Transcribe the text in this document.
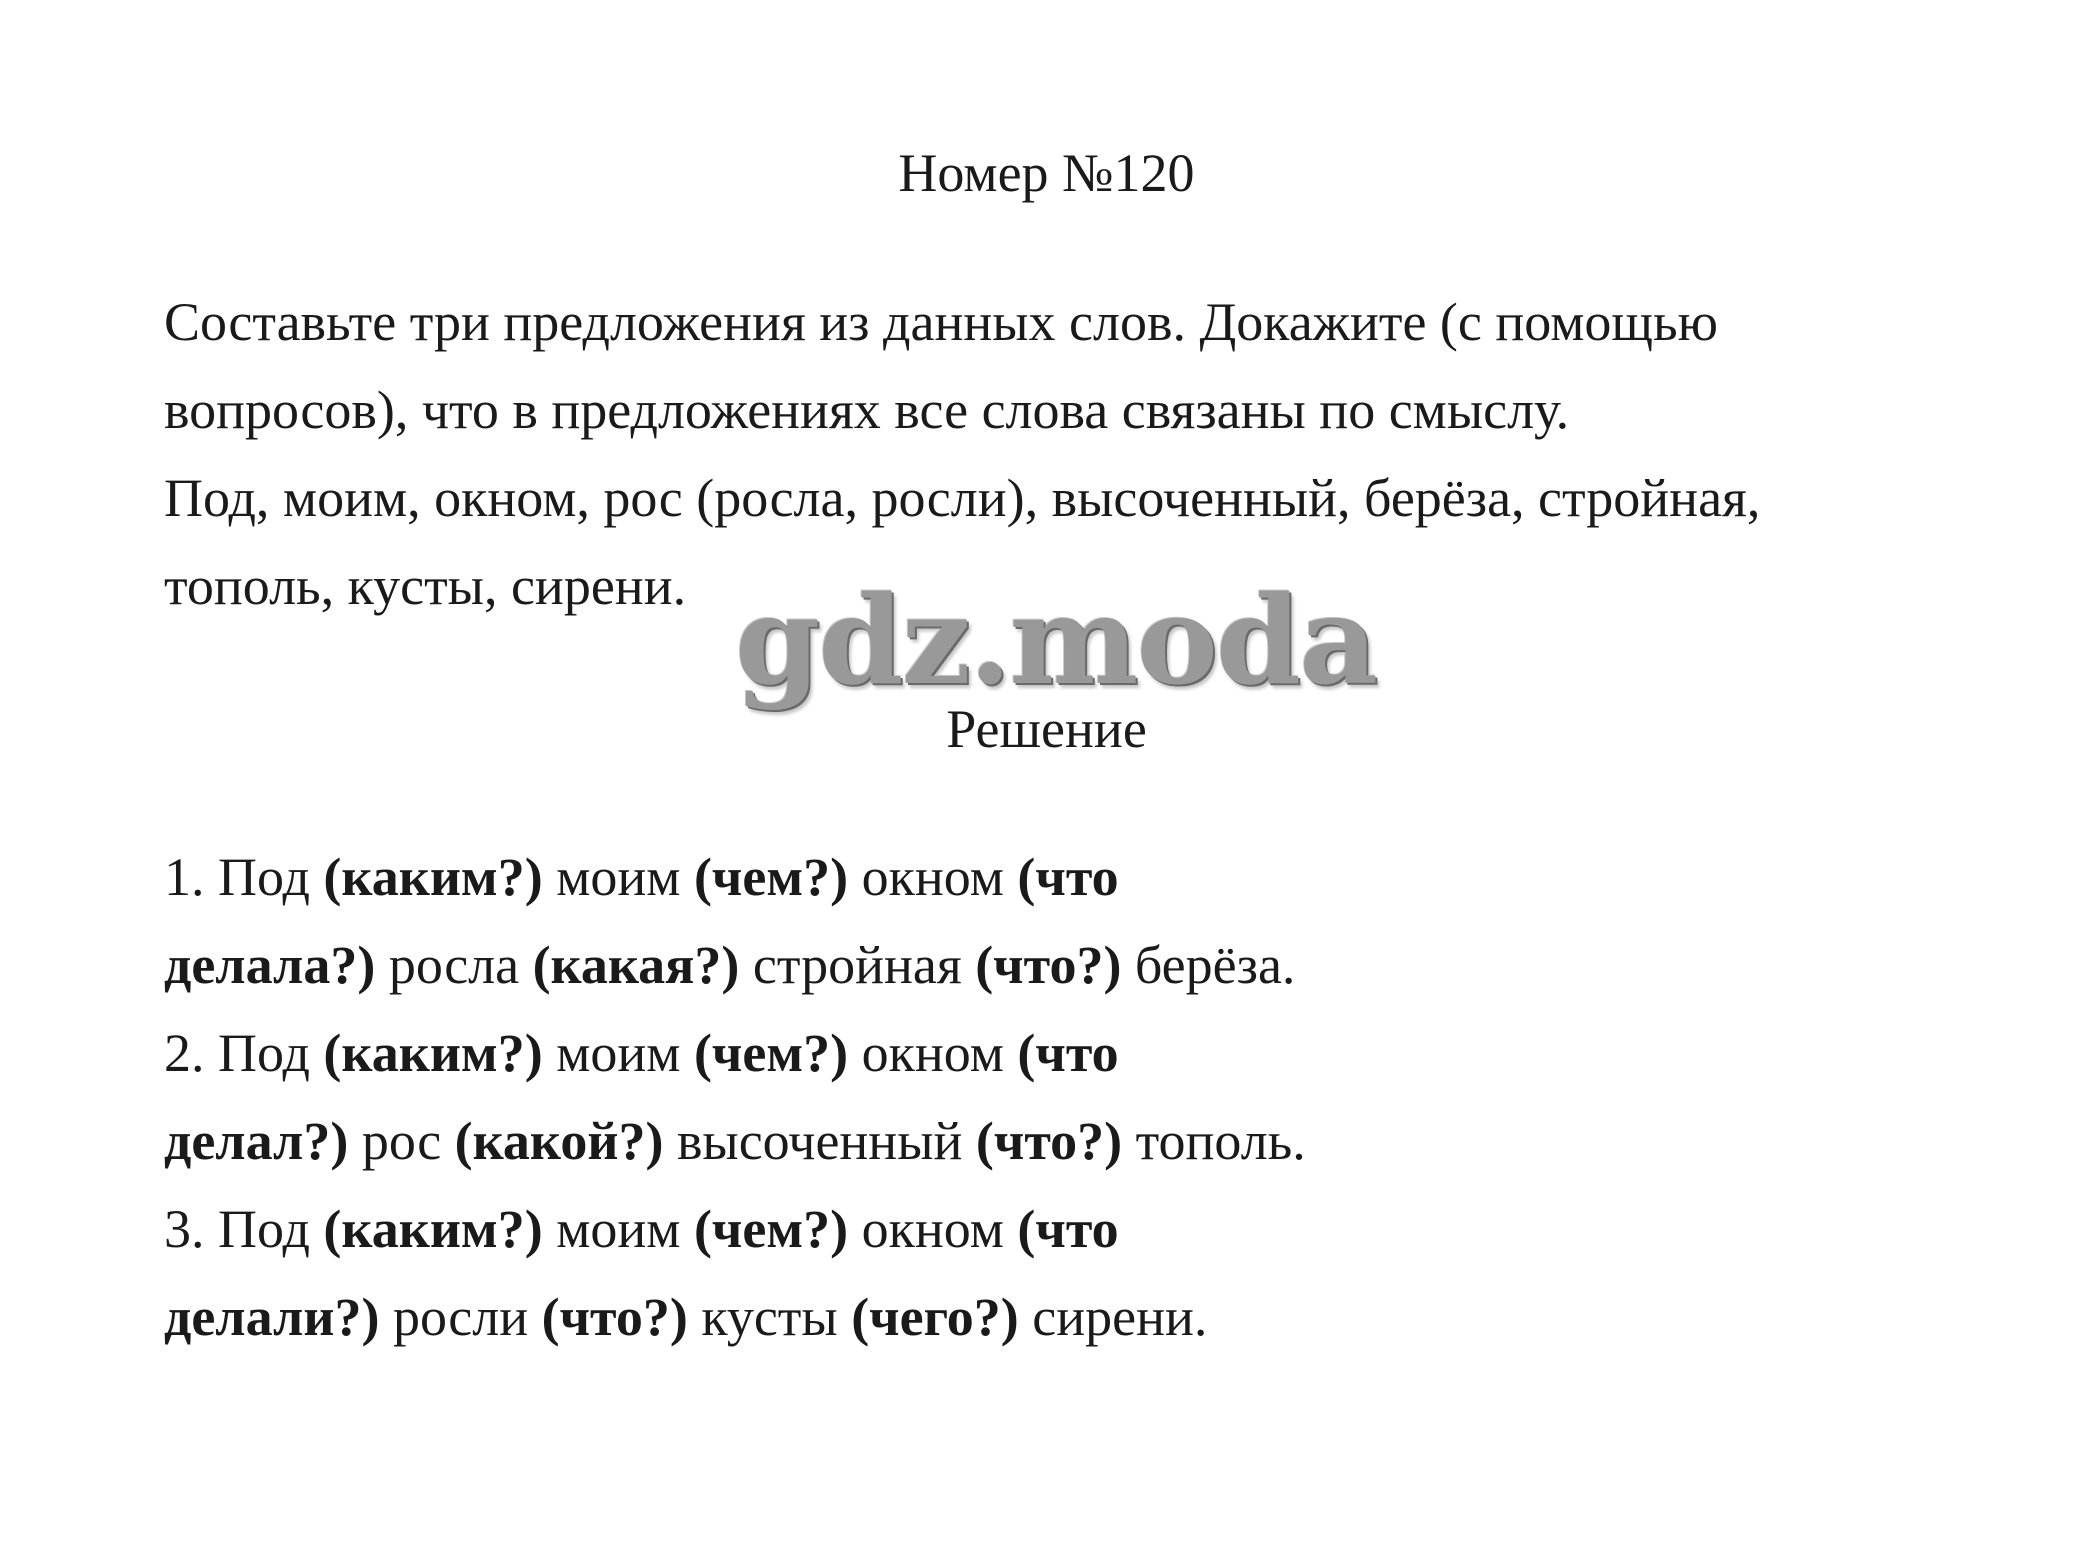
Номер №120

Составьте три предложения из данных слов. Докажите (с помощью

вопросов), что в предложениях все слова связаны по смыслу.

Под, моим, окном, рос (росла, росли), высоченный, берёза, стройная,

тополь, кусты, сирени. gdz.moda
Решение
1. Под (каким?) моим (чем?) окном (что
делала?) росла (какая?) стройная (что?) берёза.
2. Под (каким?) моим (чем?) окном (что
делал?) рос (какой?) высоченный (что?) тополь.
3. Под (каким?) моим (чем?) окном (что
делали?) росли (что?) кусты (чего?) сирени.
